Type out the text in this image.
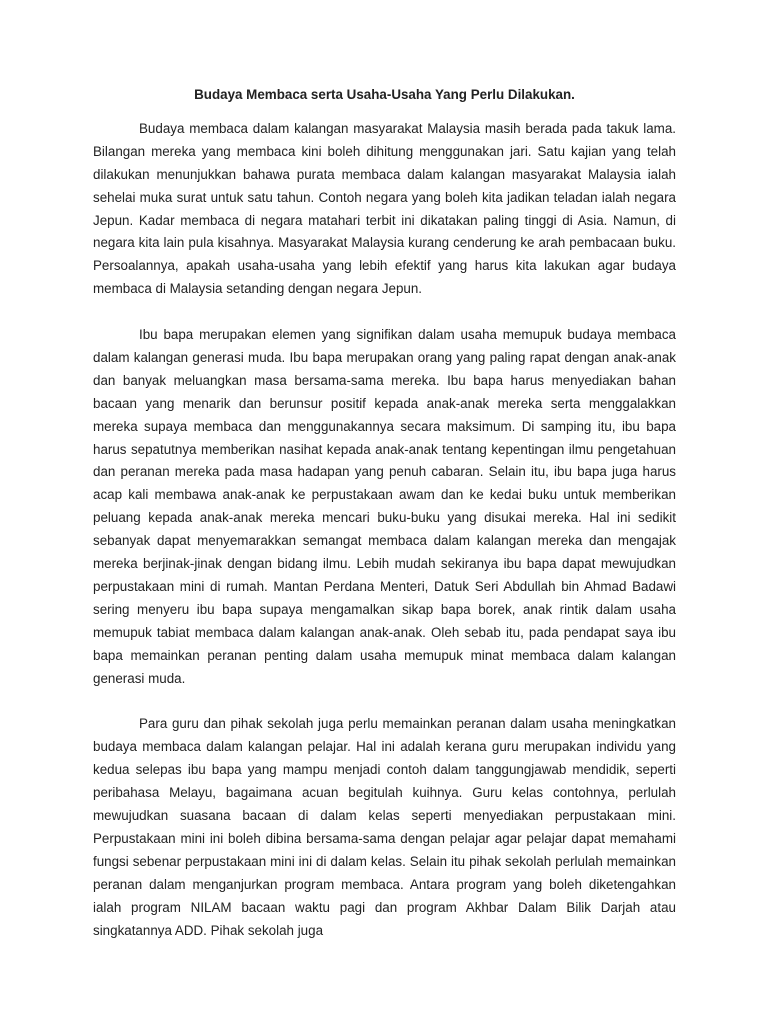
Budaya Membaca serta Usaha-Usaha Yang Perlu Dilakukan.

Budaya membaca dalam kalangan masyarakat Malaysia masih berada pada takuk lama. Bilangan mereka yang membaca kini boleh dihitung menggunakan jari. Satu kajian yang telah dilakukan menunjukkan bahawa purata membaca dalam kalangan masyarakat Malaysia ialah sehelai muka surat untuk satu tahun. Contoh negara yang boleh kita jadikan teladan ialah negara Jepun. Kadar membaca di negara matahari terbit ini dikatakan paling tinggi di Asia. Namun, di negara kita lain pula kisahnya. Masyarakat Malaysia kurang cenderung ke arah pembacaan buku. Persoalannya, apakah usaha-usaha yang lebih efektif yang harus kita lakukan agar budaya membaca di Malaysia setanding dengan negara Jepun.

Ibu bapa merupakan elemen yang signifikan dalam usaha memupuk budaya membaca dalam kalangan generasi muda. Ibu bapa merupakan orang yang paling rapat dengan anak-anak dan banyak meluangkan masa bersama-sama mereka. Ibu bapa harus menyediakan bahan bacaan yang menarik dan berunsur positif kepada anak-anak mereka serta menggalakkan mereka supaya membaca dan menggunakannya secara maksimum. Di samping itu, ibu bapa harus sepatutnya memberikan nasihat kepada anak-anak tentang kepentingan ilmu pengetahuan dan peranan mereka pada masa hadapan yang penuh cabaran. Selain itu, ibu bapa juga harus acap kali membawa anak-anak ke perpustakaan awam dan ke kedai buku untuk memberikan peluang kepada anak-anak mereka mencari buku-buku yang disukai mereka. Hal ini sedikit sebanyak dapat menyemarakkan semangat membaca dalam kalangan mereka dan mengajak mereka berjinak-jinak dengan bidang ilmu. Lebih mudah sekiranya ibu bapa dapat mewujudkan perpustakaan mini di rumah. Mantan Perdana Menteri, Datuk Seri Abdullah bin Ahmad Badawi sering menyeru ibu bapa supaya mengamalkan sikap bapa borek, anak rintik dalam usaha memupuk tabiat membaca dalam kalangan anak-anak. Oleh sebab itu, pada pendapat saya ibu bapa memainkan peranan penting dalam usaha memupuk minat membaca dalam kalangan generasi muda.

Para guru dan pihak sekolah juga perlu memainkan peranan dalam usaha meningkatkan budaya membaca dalam kalangan pelajar. Hal ini adalah kerana guru merupakan individu yang kedua selepas ibu bapa yang mampu menjadi contoh dalam tanggungjawab mendidik, seperti peribahasa Melayu, bagaimana acuan begitulah kuihnya. Guru kelas contohnya, perlulah mewujudkan suasana bacaan di dalam kelas seperti menyediakan perpustakaan mini. Perpustakaan mini ini boleh dibina bersama-sama dengan pelajar agar pelajar dapat memahami fungsi sebenar perpustakaan mini ini di dalam kelas. Selain itu pihak sekolah perlulah memainkan peranan dalam menganjurkan program membaca. Antara program yang boleh diketengahkan ialah program NILAM bacaan waktu pagi dan program Akhbar Dalam Bilik Darjah atau singkatannya ADD. Pihak sekolah juga
